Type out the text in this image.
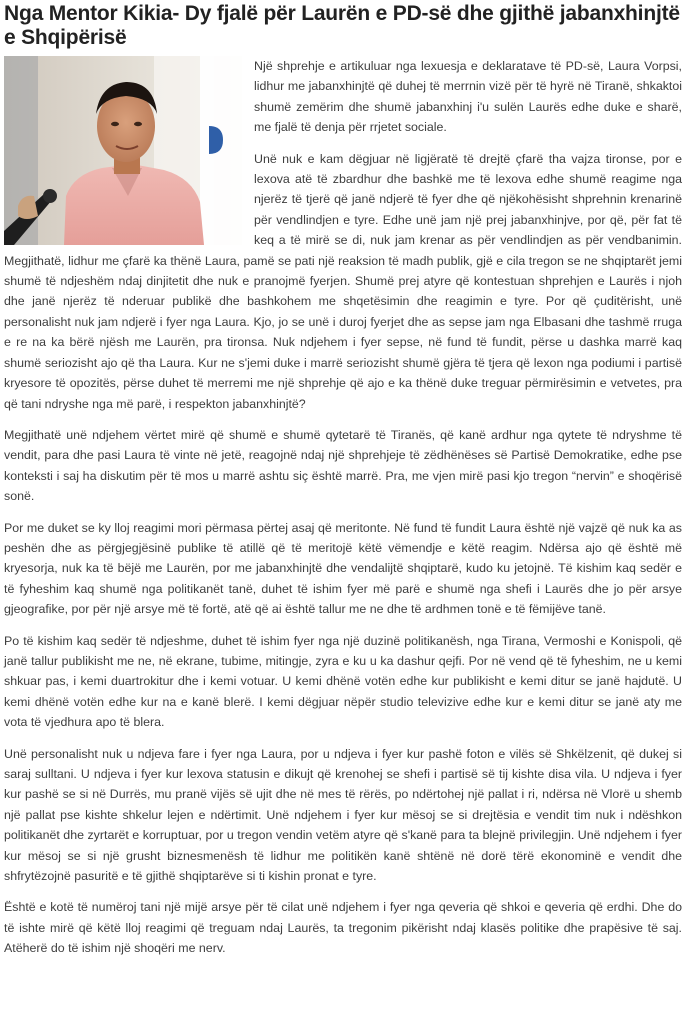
Nga Mentor Kikia- Dy fjalë për Laurën e PD-së dhe gjithë jabanxhinjtë e Shqipërisë

Një shprehje e artikuluar nga lexuesja e deklaratave të PD-së, Laura Vorpsi, lidhur me jabanxhinjtë që duhej të merrnin vizë për të hyrë në Tiranë, shkaktoi shumë zemërim dhe shumë jabanxhinj i'u sulën Laurës edhe duke e sharë, me fjalë të denja për rrjetet sociale.

Unë nuk e kam dëgjuar në ligjëratë të drejtë çfarë tha vajza tironse, por e lexova atë të zbardhur dhe bashkë me të lexova edhe shumë reagime nga njerëz të tjerë që janë ndjerë të fyer dhe që njëkohësisht shprehnin krenarinë për vendlindjen e tyre. Edhe unë jam një prej jabanxhinjve, por që, për fat të keq a të mirë se di, nuk jam krenar as për vendlindjen as për vendbanimin. Megjithatë, lidhur me çfarë ka thënë Laura, pamë se pati një reaksion të madh publik, gjë e cila tregon se ne shqiptarët jemi shumë të ndjeshëm ndaj dinjitetit dhe nuk e pranojmë fyerjen. Shumë prej atyre që kontestuan shprehjen e Laurës i njoh dhe janë njerëz të nderuar publikë dhe bashkohem me shqetësimin dhe reagimin e tyre. Por që çuditërisht, unë personalisht nuk jam ndjerë i fyer nga Laura. Kjo, jo se unë i duroj fyerjet dhe as sepse jam nga Elbasani dhe tashmë rruga e re na ka bërë njësh me Laurën, pra tironsa. Nuk ndjehem i fyer sepse, në fund të fundit, përse u dashka marrë kaq shumë seriozisht ajo që tha Laura. Kur ne s'jemi duke i marrë seriozisht shumë gjëra të tjera që lexon nga podiumi i partisë kryesore të opozitës, përse duhet të merremi me një shprehje që ajo e ka thënë duke treguar përmirësimin e vetvetes, pra që tani ndryshe nga më parë, i respekton jabanxhinjtë?

Megjithatë unë ndjehem vërtet mirë që shumë e shumë qytetarë të Tiranës, që kanë ardhur nga qytete të ndryshme të vendit, para dhe pasi Laura të vinte në jetë, reagojnë ndaj një shprehjeje të zëdhënëses së Partisë Demokratike, edhe pse konteksti i saj ha diskutim për të mos u marrë ashtu siç është marrë. Pra, me vjen mirë pasi kjo tregon “nervin” e shoqërisë sonë.

Por me duket se ky lloj reagimi mori përmasa përtej asaj që meritonte. Në fund të fundit Laura është një vajzë që nuk ka as peshën dhe as përgjegjësinë publike të atillë që të meritojë këtë vëmendje e këtë reagim. Ndërsa ajo që është më kryesorja, nuk ka të bëjë me Laurën, por me jabanxhinjtë dhe vendalijtë shqiptarë, kudo ku jetojnë. Të kishim kaq sedër e të fyheshim kaq shumë nga politikanët tanë, duhet të ishim fyer më parë e shumë nga shefi i Laurës dhe jo për arsye gjeografike, por për një arsye më të fortë, atë që ai është tallur me ne dhe të ardhmen tonë e të fëmijëve tanë.

Po të kishim kaq sedër të ndjeshme, duhet të ishim fyer nga një duzinë politikanësh, nga Tirana, Vermoshi e Konispoli, që janë tallur publikisht me ne, në ekrane, tubime, mitingje, zyra e ku u ka dashur qejfi. Por në vend që të fyheshim, ne u kemi shkuar pas, i kemi duartrokitur dhe i kemi votuar. U kemi dhënë votën edhe kur publikisht e kemi ditur se janë hajdutë. U kemi dhënë votën edhe kur na e kanë blerë. I kemi dëgjuar nëpër studio televizive edhe kur e kemi ditur se janë aty me vota të vjedhura apo të blera.

Unë personalisht nuk u ndjeva fare i fyer nga Laura, por u ndjeva i fyer kur pashë foton e vilës së Shkëlzenit, që dukej si saraj sulltani. U ndjeva i fyer kur lexova statusin e dikujt që krenohej se shefi i partisë së tij kishte disa vila. U ndjeva i fyer kur pashë se si në Durrës, mu pranë vijës së ujit dhe në mes të rërës, po ndërtohej një pallat i ri, ndërsa në Vlorë u shemb një pallat pse kishte shkelur lejen e ndërtimit. Unë ndjehem i fyer kur mësoj se si drejtësia e vendit tim nuk i ndëshkon politikanët dhe zyrtarët e korruptuar, por u tregon vendin vetëm atyre që s'kanë para ta blejnë privilegjin. Unë ndjehem i fyer kur mësoj se si një grusht biznesmenësh të lidhur me politikën kanë shtënë në dorë tërë ekonominë e vendit dhe shfrytëzojnë pasuritë e të gjithë shqiptarëve si ti kishin pronat e tyre.

Është e kotë të numëroj tani një mijë arsye për të cilat unë ndjehem i fyer nga qeveria që shkoi e qeveria që erdhi. Dhe do të ishte mirë që këtë lloj reagimi që treguam ndaj Laurës, ta tregonim pikërisht ndaj klasës politike dhe prapësive të saj. Atëherë do të ishim një shoqëri me nerv.
